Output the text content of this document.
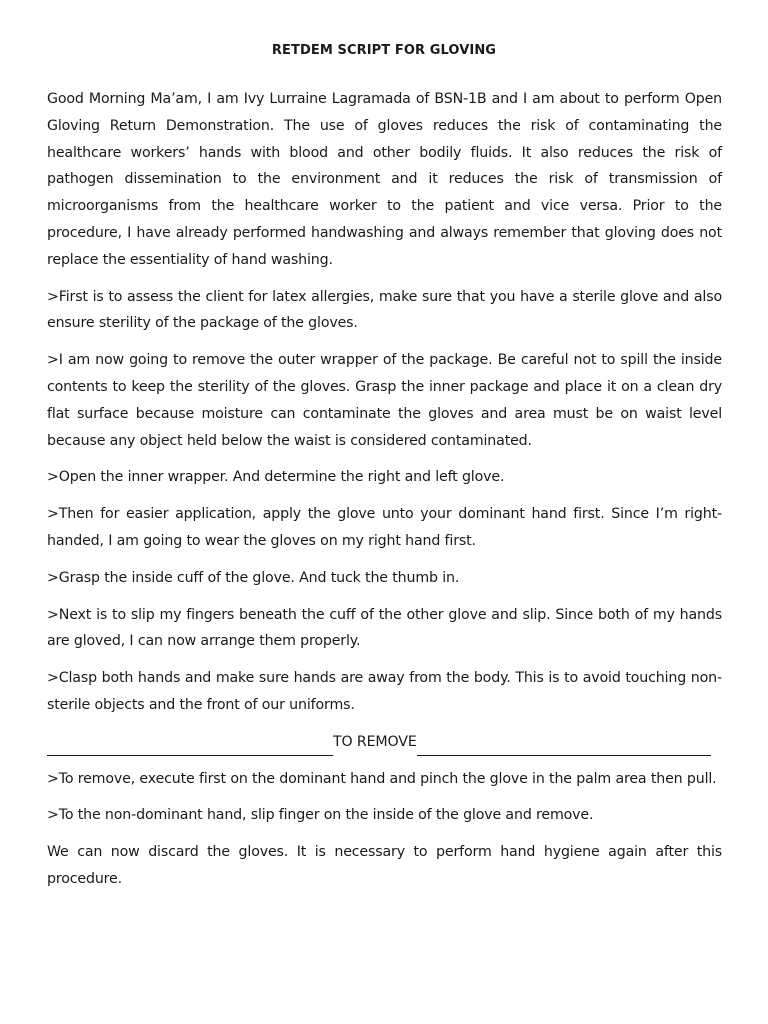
RETDEM SCRIPT FOR GLOVING

Good Morning Ma’am, I am Ivy Lurraine Lagramada of BSN-1B and I am about to perform Open Gloving Return Demonstration. The use of gloves reduces the risk of contaminating the healthcare workers’ hands with blood and other bodily fluids. It also reduces the risk of pathogen dissemination to the environment and it reduces the risk of transmission of microorganisms from the healthcare worker to the patient and vice versa. Prior to the procedure, I have already performed handwashing and always remember that gloving does not replace the essentiality of hand washing.

>First is to assess the client for latex allergies, make sure that you have a sterile glove and also ensure sterility of the package of the gloves.

>I am now going to remove the outer wrapper of the package. Be careful not to spill the inside contents to keep the sterility of the gloves. Grasp the inner package and place it on a clean dry flat surface because moisture can contaminate the gloves and area must be on waist level because any object held below the waist is considered contaminated.

>Open the inner wrapper. And determine the right and left glove.

>Then for easier application, apply the glove unto your dominant hand first. Since I’m right-handed, I am going to wear the gloves on my right hand first.

>Grasp the inside cuff of the glove. And tuck the thumb in.

>Next is to slip my fingers beneath the cuff of the other glove and slip. Since both of my hands are gloved, I can now arrange them properly.

>Clasp both hands and make sure hands are away from the body. This is to avoid touching non-sterile objects and the front of our uniforms.

TO REMOVE

>To remove, execute first on the dominant hand and pinch the glove in the palm area then pull.

>To the non-dominant hand, slip finger on the inside of the glove and remove.

We can now discard the gloves. It is necessary to perform hand hygiene again after this procedure.
